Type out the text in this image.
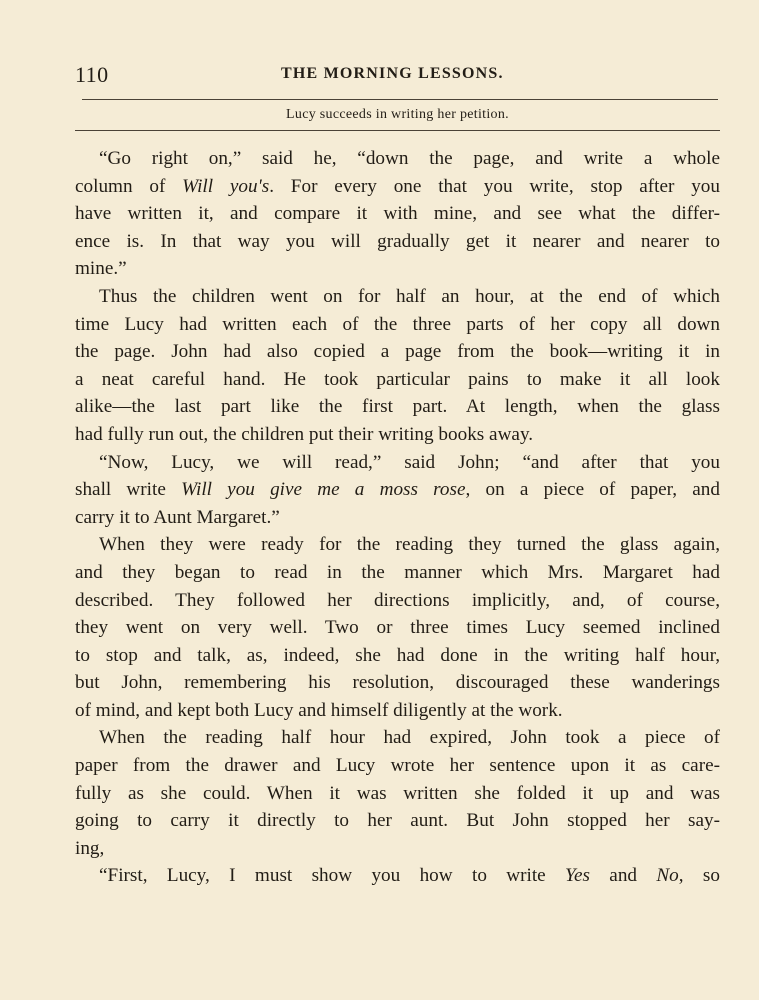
110	THE MORNING LESSONS.
Lucy succeeds in writing her petition.
“Go right on,” said he, “down the page, and write a whole
column of Will you's. For every one that you write, stop after you
have written it, and compare it with mine, and see what the differ-
ence is. In that way you will gradually get it nearer and nearer to
mine.”
Thus the children went on for half an hour, at the end of which
time Lucy had written each of the three parts of her copy all down
the page. John had also copied a page from the book—writing it in
a neat careful hand. He took particular pains to make it all look
alike—the last part like the first part. At length, when the glass
had fully run out, the children put their writing books away.
“Now, Lucy, we will read,” said John; “and after that you
shall write Will you give me a moss rose, on a piece of paper, and
carry it to Aunt Margaret.”
When they were ready for the reading they turned the glass again,
and they began to read in the manner which Mrs. Margaret had
described. They followed her directions implicitly, and, of course,
they went on very well. Two or three times Lucy seemed inclined
to stop and talk, as, indeed, she had done in the writing half hour,
but John, remembering his resolution, discouraged these wanderings
of mind, and kept both Lucy and himself diligently at the work.
When the reading half hour had expired, John took a piece of
paper from the drawer and Lucy wrote her sentence upon it as care-
fully as she could. When it was written she folded it up and was
going to carry it directly to her aunt. But John stopped her say-
ing,
“First, Lucy, I must show you how to write Yes and No, so
